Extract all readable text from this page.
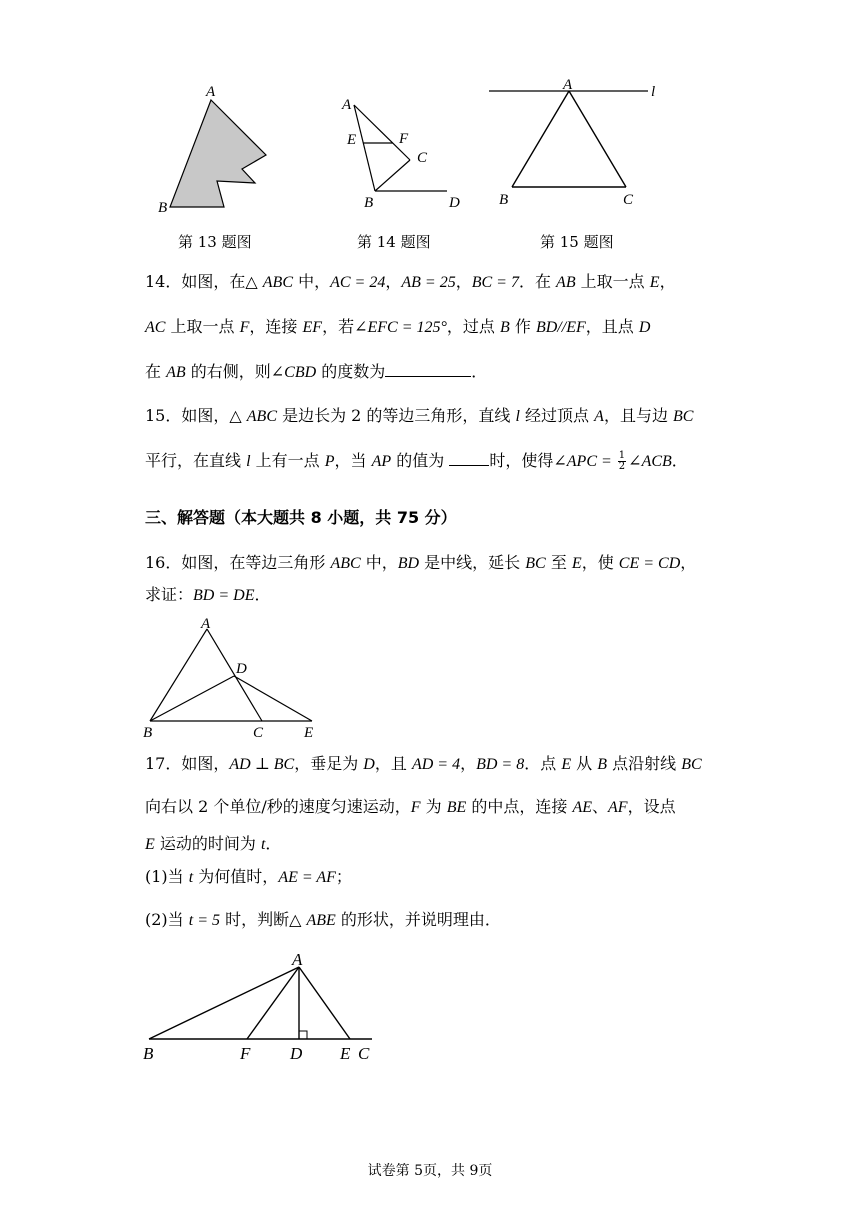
A
B
第 13 题图
A
E	F
C
B	D
第 14 题图
A	l
B	C
第 15 题图
14．如图，在△ ABC 中，AC = 24，AB = 25，BC = 7．在 AB 上取一点 E，
AC 上取一点 F，连接 EF，若∠EFC = 125°，过点 B 作 BD//EF，且点 D
在 AB 的右侧，则∠CBD 的度数为	．
15．如图，△ ABC 是边长为 2 的等边三角形，直线 l 经过顶点 A，且与边 BC
平行，在直线 l 上有一点 P，当 AP 的值为	时，使得∠APC = $\frac{1}{2}$ ∠ACB．
三、解答题（本大题共 8 小题，共 75 分）
16．如图，在等边三角形 ABC 中，BD 是中线，延长 BC 至 E，使 CE = CD，
求证：BD = DE．
A
D
B	C	E
17．如图，AD ⊥ BC，垂足为 D，且 AD = 4，BD = 8．点 E 从 B 点沿射线 BC
向右以 2 个单位/秒的速度匀速运动，F 为 BE 的中点，连接 AE、AF，设点
E 运动的时间为 t．
(1)当 t 为何值时，AE = AF；
(2)当 t = 5 时，判断△ ABE 的形状，并说明理由．
A
B	F D E C
试卷第 5页，共 9页
